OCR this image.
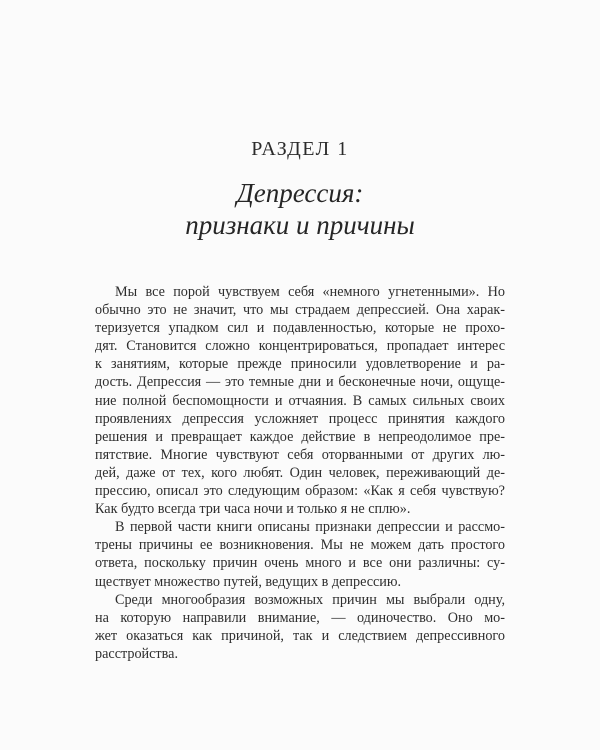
РАЗДЕЛ 1
Депрессия:
признаки и причины
Мы все порой чувствуем себя «немного угнетенными». Но
обычно это не значит, что мы страдаем депрессией. Она харак-
теризуется упадком сил и подавленностью, которые не прохо-
дят. Становится сложно концентрироваться, пропадает интерес
к занятиям, которые прежде приносили удовлетворение и ра-
дость. Депрессия — это темные дни и бесконечные ночи, ощуще-
ние полной беспомощности и отчаяния. В самых сильных своих
проявлениях депрессия усложняет процесс принятия каждого
решения и превращает каждое действие в непреодолимое пре-
пятствие. Многие чувствуют себя оторванными от других лю-
дей, даже от тех, кого любят. Один человек, переживающий де-
прессию, описал это следующим образом: «Как я себя чувствую?
Как будто всегда три часа ночи и только я не сплю».
В первой части книги описаны признаки депрессии и рассмо-
трены причины ее возникновения. Мы не можем дать простого
ответа, поскольку причин очень много и все они различны: су-
ществует множество путей, ведущих в депрессию.
Среди многообразия возможных причин мы выбрали одну,
на которую направили внимание, — одиночество. Оно мо-
жет оказаться как причиной, так и следствием депрессивного
расстройства.
